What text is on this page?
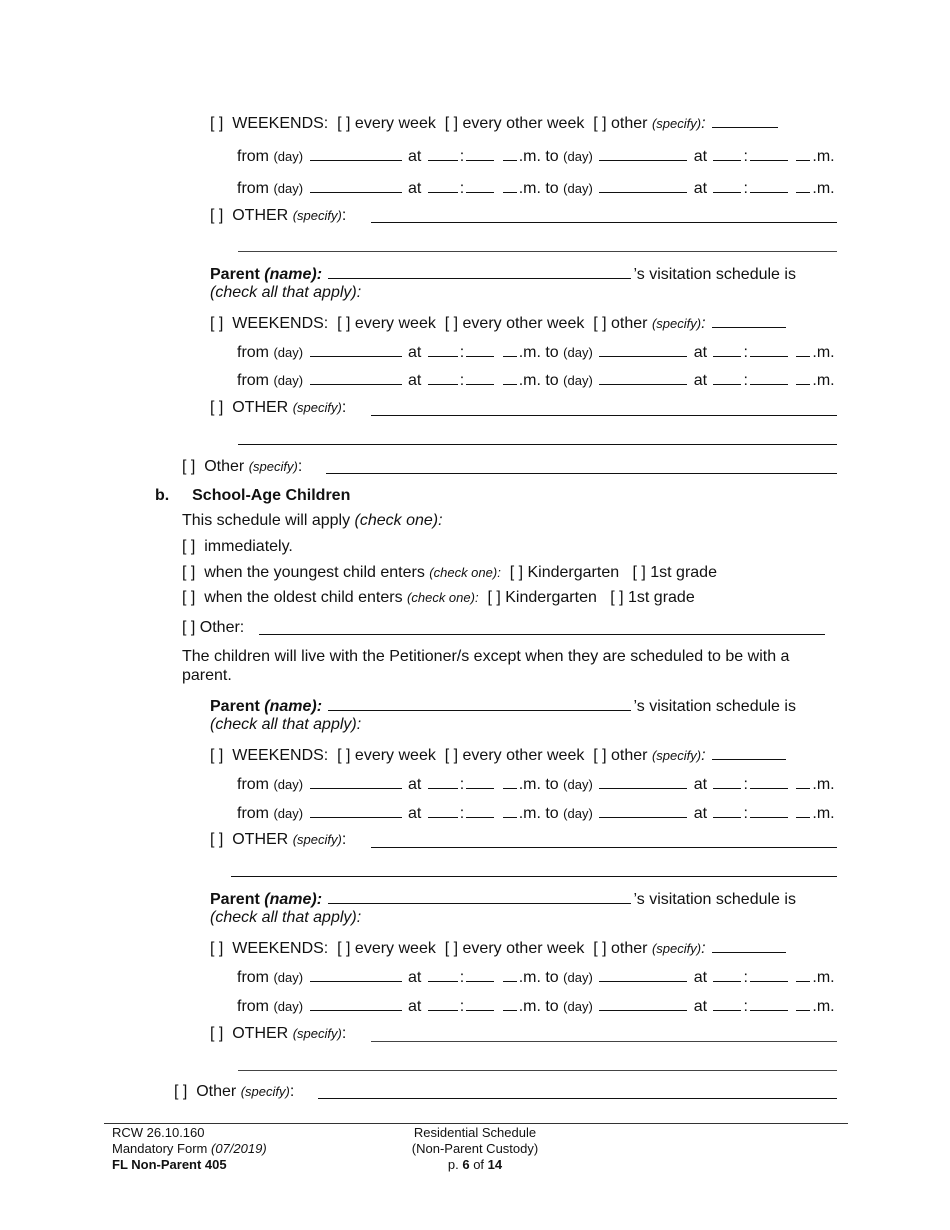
[ ] WEEKENDS: [ ] every week [ ] every other week [ ] other (specify):
from (day)	at :	.m. to (day)	at :	.m.
from (day)	at :	.m. to (day)	at :	.m.
[ ] OTHER (specify):
Parent (name):	’s visitation schedule is
(check all that apply):
[ ] WEEKENDS: [ ] every week [ ] every other week [ ] other (specify):
from (day)	at :	.m. to (day)	at :	.m.
from (day)	at :	.m. to (day)	at :	.m.
[ ] OTHER (specify):
[ ] Other (specify):
b. School-Age Children
This schedule will apply (check one):
[ ] immediately.
[ ] when the youngest child enters (check one): [ ] Kindergarten [ ] 1st grade
[ ] when the oldest child enters (check one): [ ] Kindergarten [ ] 1st grade
[ ] Other:
The children will live with the Petitioner/s except when they are scheduled to be with a
parent.
Parent (name):	’s visitation schedule is
(check all that apply):
[ ] WEEKENDS: [ ] every week [ ] every other week [ ] other (specify):
from (day)	at :	.m. to (day)	at :	.m.
from (day)	at :	.m. to (day)	at :	.m.
[ ] OTHER (specify):
Parent (name):	’s visitation schedule is
(check all that apply):
[ ] WEEKENDS: [ ] every week [ ] every other week [ ] other (specify):
from (day)	at :	.m. to (day)	at :	.m.
from (day)	at :	.m. to (day)	at :	.m.
[ ] OTHER (specify):
[ ] Other (specify):
RCW 26.10.160
Mandatory Form (07/2019)
FL Non-Parent 405
Residential Schedule
(Non-Parent Custody)
p. 6 of 14
